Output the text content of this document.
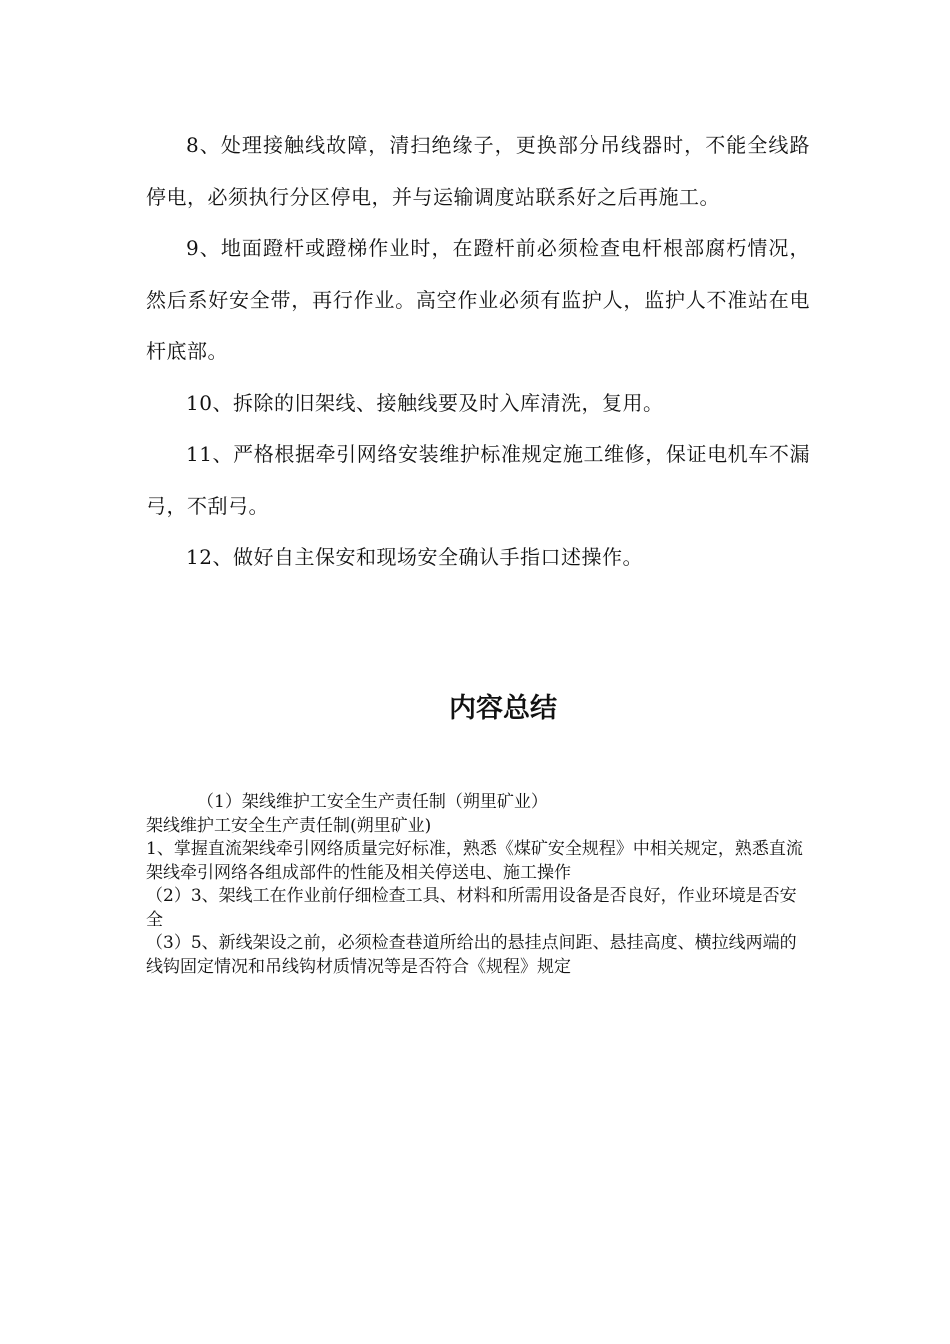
8、处理接触线故障，清扫绝缘子，更换部分吊线器时，不能全线路停电，必须执行分区停电，并与运输调度站联系好之后再施工。

9、地面蹬杆或蹬梯作业时，在蹬杆前必须检查电杆根部腐朽情况，然后系好安全带，再行作业。高空作业必须有监护人，监护人不准站在电杆底部。

10、拆除的旧架线、接触线要及时入库清洗，复用。

11、严格根据牵引网络安装维护标准规定施工维修，保证电机车不漏弓，不刮弓。

12、做好自主保安和现场安全确认手指口述操作。

内容总结

（1）架线维护工安全生产责任制（朔里矿业）

架线维护工安全生产责任制(朔里矿业)

1、掌握直流架线牵引网络质量完好标准，熟悉《煤矿安全规程》中相关规定，熟悉直流架线牵引网络各组成部件的性能及相关停送电、施工操作

（2）3、架线工在作业前仔细检查工具、材料和所需用设备是否良好，作业环境是否安全

（3）5、新线架设之前，必须检查巷道所给出的悬挂点间距、悬挂高度、横拉线两端的线钩固定情况和吊线钩材质情况等是否符合《规程》规定
